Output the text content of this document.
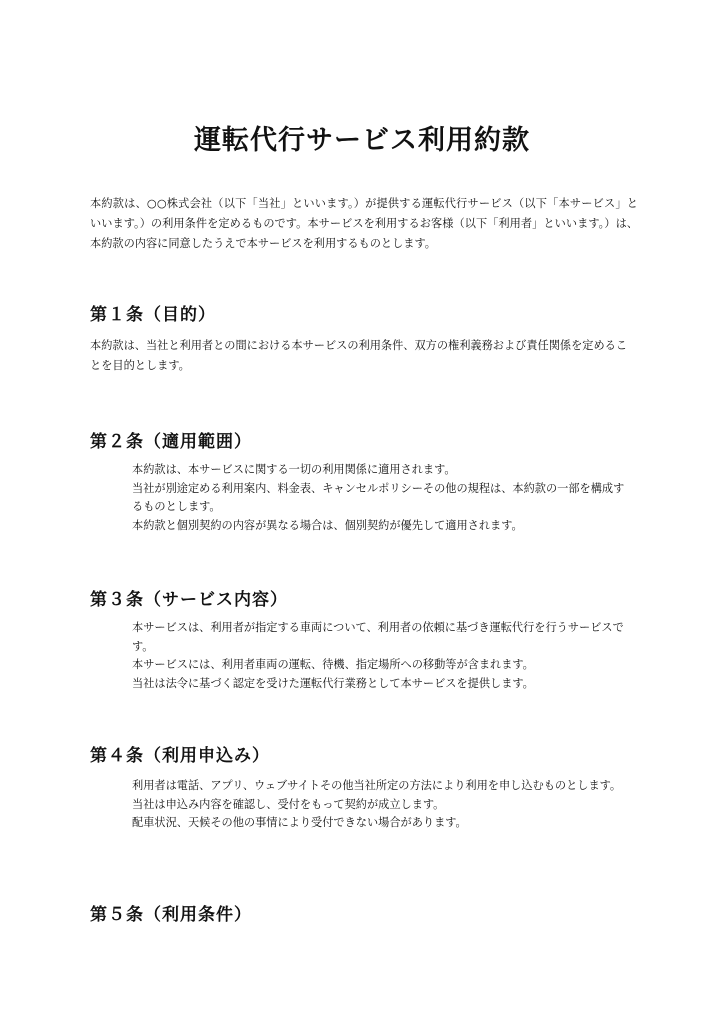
運転代行サービス利用約款

本約款は、○○株式会社（以下「当社」といいます。）が提供する運転代行サービス（以下「本サービス」といいます。）の利用条件を定めるものです。本サービスを利用するお客様（以下「利用者」といいます。）は、本約款の内容に同意したうえで本サービスを利用するものとします。

第１条（目的）

本約款は、当社と利用者との間における本サービスの利用条件、双方の権利義務および責任関係を定めることを目的とします。

第２条（適用範囲）
本約款は、本サービスに関する一切の利用関係に適用されます。
当社が別途定める利用案内、料金表、キャンセルポリシーその他の規程は、本約款の一部を構成するものとします。
本約款と個別契約の内容が異なる場合は、個別契約が優先して適用されます。
第３条（サービス内容）
本サービスは、利用者が指定する車両について、利用者の依頼に基づき運転代行を行うサービスです。
本サービスには、利用者車両の運転、待機、指定場所への移動等が含まれます。
当社は法令に基づく認定を受けた運転代行業務として本サービスを提供します。
第４条（利用申込み）
利用者は電話、アプリ、ウェブサイトその他当社所定の方法により利用を申し込むものとします。
当社は申込み内容を確認し、受付をもって契約が成立します。
配車状況、天候その他の事情により受付できない場合があります。
第５条（利用条件）
